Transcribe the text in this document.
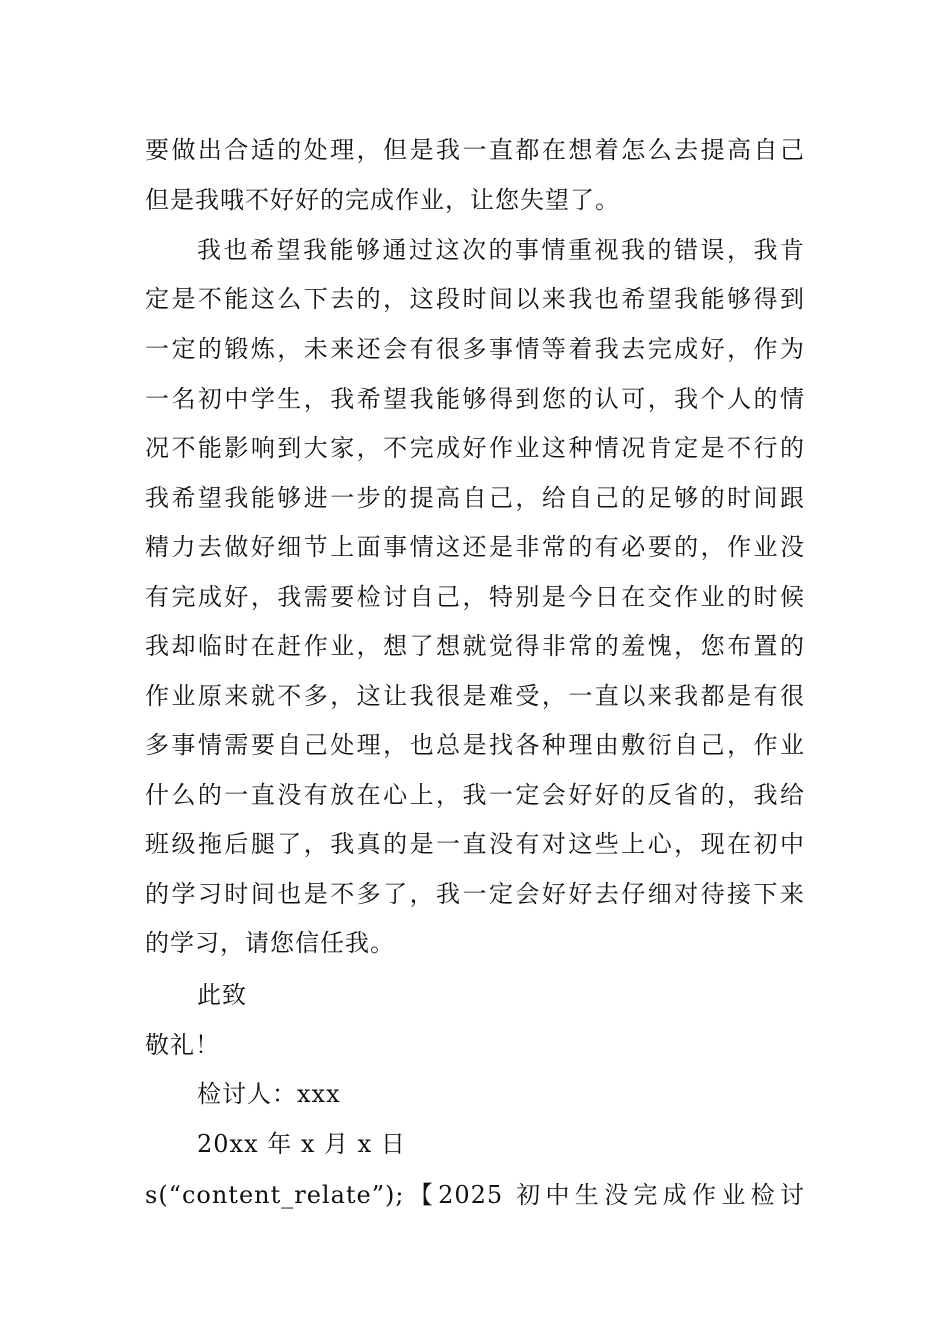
要做出合适的处理，但是我一直都在想着怎么去提高自己
但是我哦不好好的完成作业，让您失望了。
我也希望我能够通过这次的事情重视我的错误，我肯
定是不能这么下去的，这段时间以来我也希望我能够得到
一定的锻炼，未来还会有很多事情等着我去完成好，作为
一名初中学生，我希望我能够得到您的认可，我个人的情
况不能影响到大家，不完成好作业这种情况肯定是不行的
我希望我能够进一步的提高自己，给自己的足够的时间跟
精力去做好细节上面事情这还是非常的有必要的，作业没
有完成好，我需要检讨自己，特别是今日在交作业的时候
我却临时在赶作业，想了想就觉得非常的羞愧，您布置的
作业原来就不多，这让我很是难受，一直以来我都是有很
多事情需要自己处理，也总是找各种理由敷衍自己，作业
什么的一直没有放在心上，我一定会好好的反省的，我给
班级拖后腿了，我真的是一直没有对这些上心，现在初中
的学习时间也是不多了，我一定会好好去仔细对待接下来
的学习，请您信任我。
此致
敬礼！
检讨人：xxx
20xx 年 x 月 x 日
s(“content_relate”);【2025 初中生没完成作业检讨
